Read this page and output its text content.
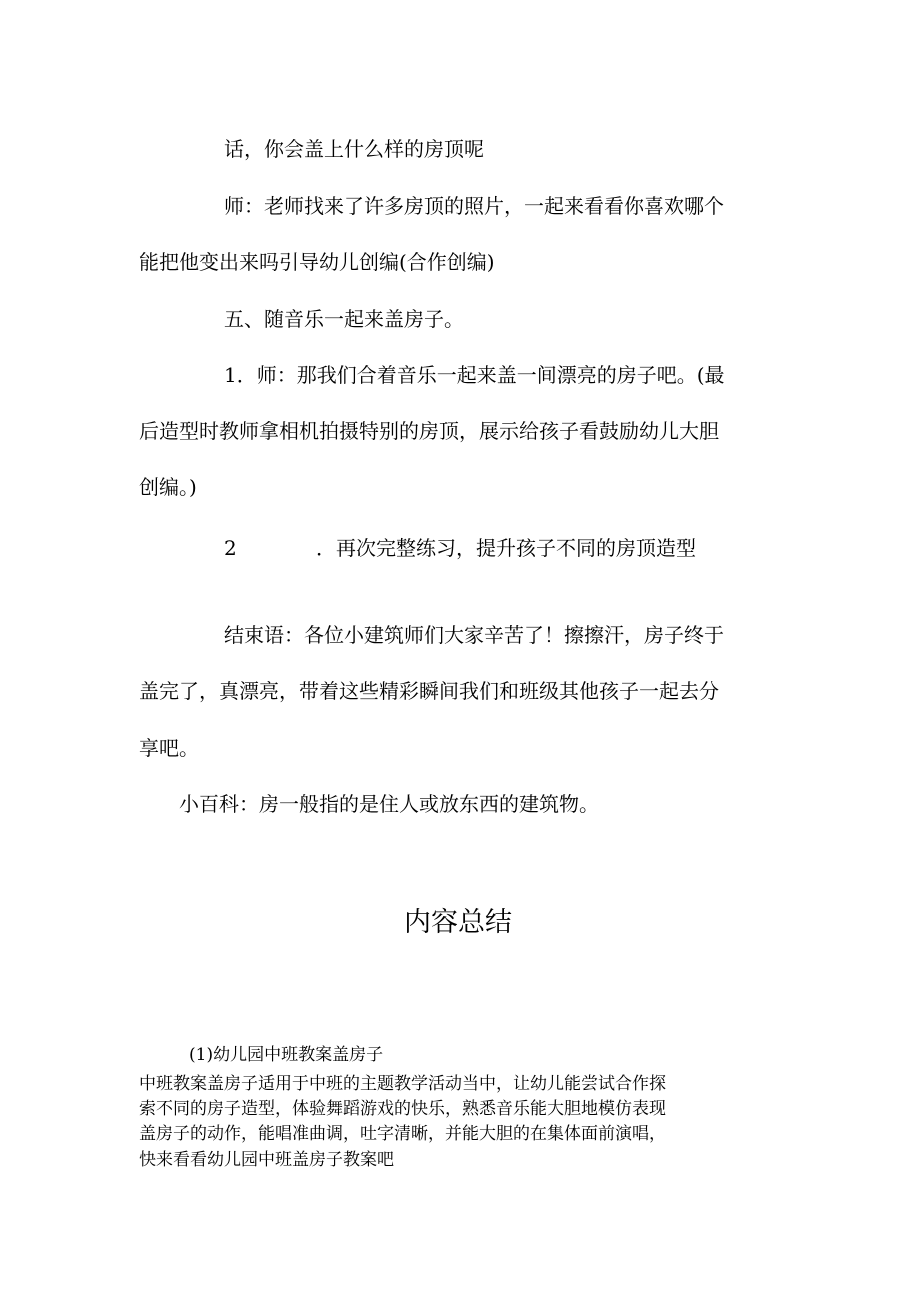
话，你会盖上什么样的房顶呢
师：老师找来了许多房顶的照片，一起来看看你喜欢哪个
能把他变出来吗引导幼儿创编(合作创编)
五、随音乐一起来盖房子。
1．师：那我们合着音乐一起来盖一间漂亮的房子吧。(最
后造型时教师拿相机拍摄特别的房顶，展示给孩子看鼓励幼儿大胆
创编。)
2	．再次完整练习，提升孩子不同的房顶造型
结束语：各位小建筑师们大家辛苦了！擦擦汗，房子终于
盖完了，真漂亮，带着这些精彩瞬间我们和班级其他孩子一起去分
享吧。
小百科：房一般指的是住人或放东西的建筑物。
内容总结
(1)幼儿园中班教案盖房子
中班教案盖房子适用于中班的主题教学活动当中，让幼儿能尝试合作探
索不同的房子造型，体验舞蹈游戏的快乐，熟悉音乐能大胆地模仿表现
盖房子的动作，能唱准曲调，吐字清晰，并能大胆的在集体面前演唱，
快来看看幼儿园中班盖房子教案吧
